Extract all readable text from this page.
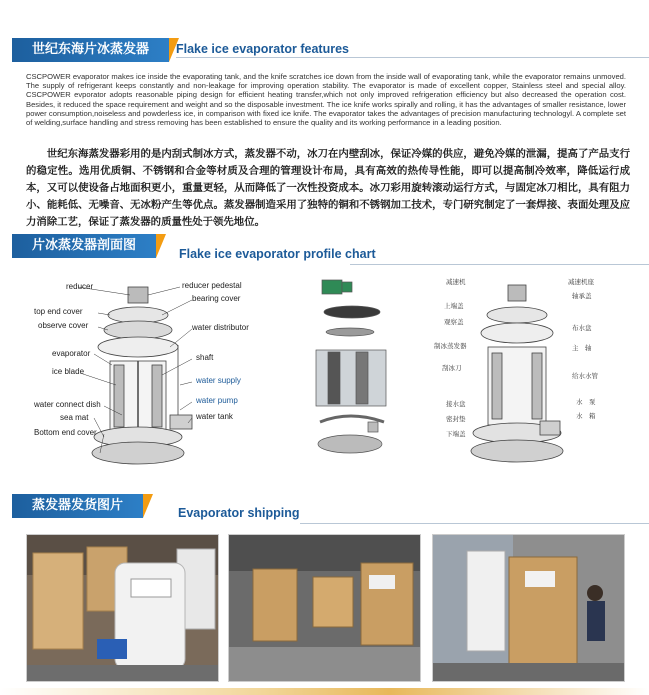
世纪东海片冰蒸发器	Flake ice evaporator features
CSCPOWER evaporator makes ice inside the evaporating tank, and the knife scratches ice down from the inside wall of evaporating tank, while the evaporator remains unmoved. The supply of refrigerant keeps constantly and non-leakage for improving operation stability. The evaporator is made of excellent copper, Stainless steel and special alloy. CSCPOWER evporator adopts reasonable piping design for efficient heating transfer,which not only improved refrigeration efficiency but also decreased the operation cost. Besides, it reduced the space requirement and weight and so the disposable investment. The ice knife works spirally and rolling, it has the advantages of smaller resistance, lower power consumption,noiseless and powderless ice, in comparison with fixed ice knife. The evaporator takes the advantages of precision manufacturing technologyl. A complete set of welding,surface handling and stress removing has been established to ensure the quality and its working performance in a leading position.
世纪东海蒸发器彩用的是内刮式制冰方式，蒸发器不动，冰刀在内壁刮冰，保证冷媒的供应，避免冷媒的泄漏，提高了产品支行的稳定性。选用优质铜、不锈钢和合金等材质及合理的管理设计布局，具有高效的热传导性能，即可以提高制冷效率，降低运行成本，又可以使设备占地面积更小，重量更轻，从而降低了一次性投资成本。冰刀彩用旋转滚动运行方式，与固定冰刀相比，具有阻力小、能耗低、无噪音、无冰粉产生等优点。蒸发器制造采用了独特的铜和不锈钢加工技术，专门研究制定了一套焊接、表面处理及应力消除工艺，保证了蒸发器的质量性处于领先地位。
片冰蒸发器剖面图
Flake ice evaporator profile chart
reducer
top end cover
observe cover
evaporator
ice blade
water connect dish
sea mat
Bottom end cover
reducer pedestal
bearing cover
water distributor
shaft
water supply
water pump
water tank
减速机
上端盖
观察盖
制冰蒸发器
刮冰刀
接水盘
密封垫
下端盖
减速机座
轴承盖
布水盘
主　轴
给水水管
水　泵
水　箱
蒸发器发货图片	Evaporator shipping
